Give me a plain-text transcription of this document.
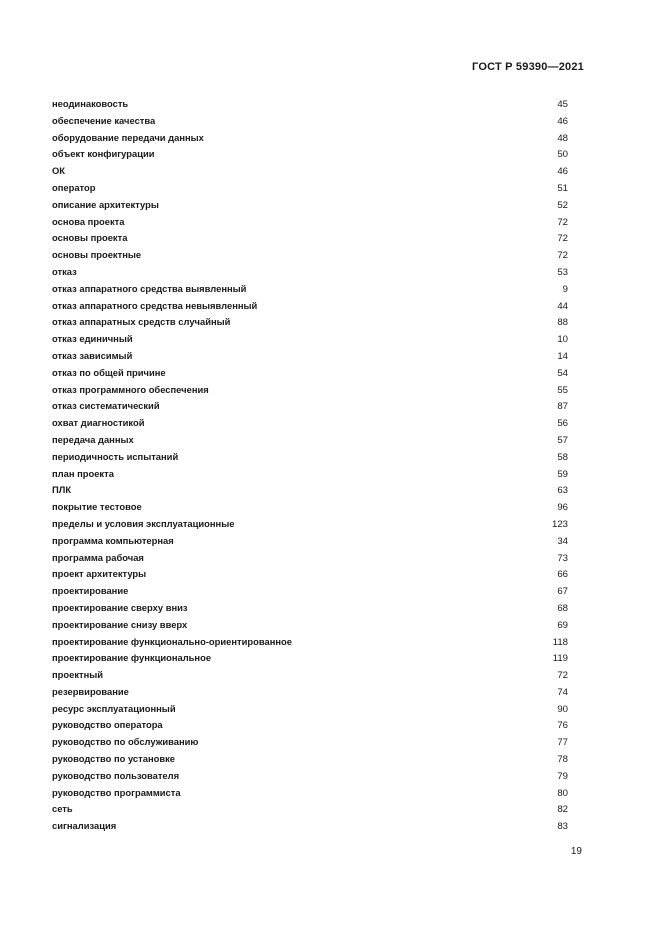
ГОСТ Р 59390—2021
неодинаковость	45
обеспечение качества	46
оборудование передачи данных	48
объект конфигурации	50
ОК	46
оператор	51
описание архитектуры	52
основа проекта	72
основы проекта	72
основы проектные	72
отказ	53
отказ аппаратного средства выявленный	9
отказ аппаратного средства невыявленный	44
отказ аппаратных средств случайный	88
отказ единичный	10
отказ зависимый	14
отказ по общей причине	54
отказ программного обеспечения	55
отказ систематический	87
охват диагностикой	56
передача данных	57
периодичность испытаний	58
план проекта	59
ПЛК	63
покрытие тестовое	96
пределы и условия эксплуатационные	123
программа компьютерная	34
программа рабочая	73
проект архитектуры	66
проектирование	67
проектирование сверху вниз	68
проектирование снизу вверх	69
проектирование функционально-ориентированное	118
проектирование функциональное	119
проектный	72
резервирование	74
ресурс эксплуатационный	90
руководство оператора	76
руководство по обслуживанию	77
руководство по установке	78
руководство пользователя	79
руководство программиста	80
сеть	82
сигнализация	83
19
